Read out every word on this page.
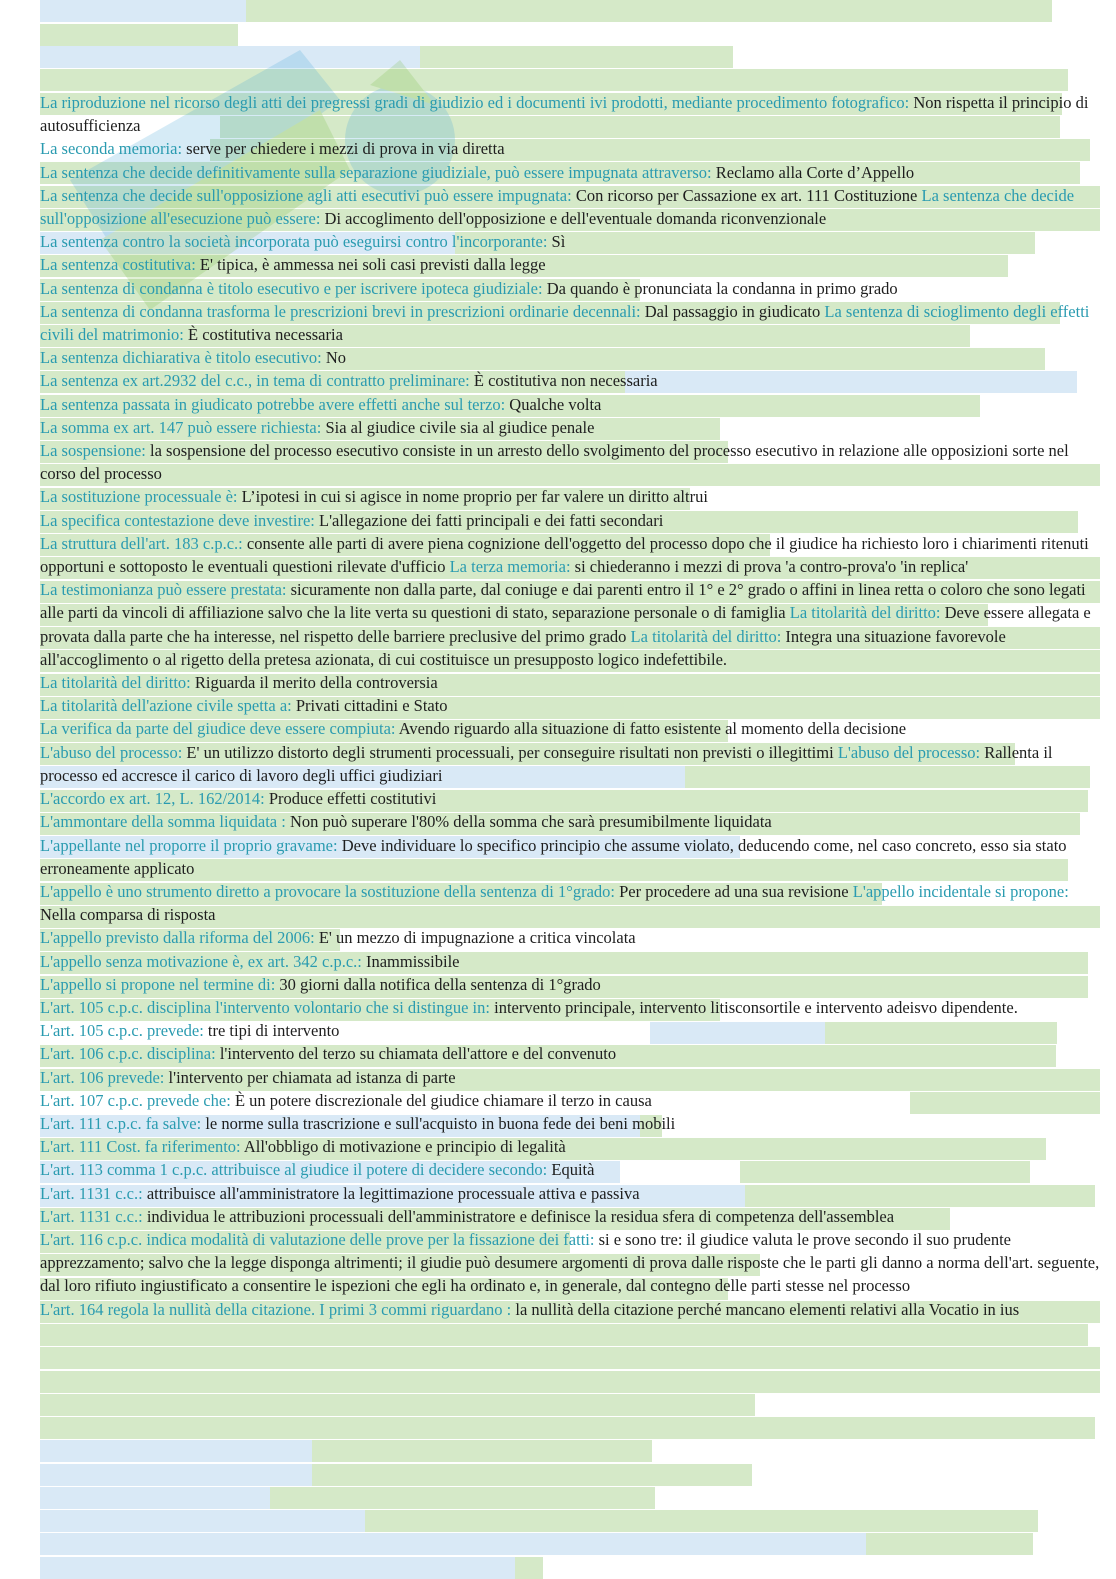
La riproduzione nel ricorso degli atti dei pregressi gradi di giudizio ed i documenti ivi prodotti, mediante procedimento fotografico: Non rispetta il principio di autosufficienza

La seconda memoria: serve per chiedere i mezzi di prova in via diretta

La sentenza che decide definitivamente sulla separazione giudiziale, può essere impugnata attraverso: Reclamo alla Corte d’Appello

La sentenza che decide sull'opposizione agli atti esecutivi può essere impugnata: Con ricorso per Cassazione ex art. 111 Costituzione La sentenza che decide sull'opposizione all'esecuzione può essere: Di accoglimento dell'opposizione e dell'eventuale domanda riconvenzionale

La sentenza contro la società incorporata può eseguirsi contro l'incorporante: Sì

La sentenza costitutiva: E' tipica, è ammessa nei soli casi previsti dalla legge

La sentenza di condanna è titolo esecutivo e per iscrivere ipoteca giudiziale: Da quando è pronunciata la condanna in primo grado

La sentenza di condanna trasforma le prescrizioni brevi in prescrizioni ordinarie decennali: Dal passaggio in giudicato La sentenza di scioglimento degli effetti civili del matrimonio: È costitutiva necessaria

La sentenza dichiarativa è titolo esecutivo: No

La sentenza ex art.2932 del c.c., in tema di contratto preliminare: È costitutiva non necessaria

La sentenza passata in giudicato potrebbe avere effetti anche sul terzo: Qualche volta

La somma ex art. 147 può essere richiesta: Sia al giudice civile sia al giudice penale

La sospensione: la sospensione del processo esecutivo consiste in un arresto dello svolgimento del processo esecutivo in relazione alle opposizioni sorte nel corso del processo

La sostituzione processuale è: L’ipotesi in cui si agisce in nome proprio per far valere un diritto altrui

La specifica contestazione deve investire: L'allegazione dei fatti principali e dei fatti secondari

La struttura dell'art. 183 c.p.c.: consente alle parti di avere piena cognizione dell'oggetto del processo dopo che il giudice ha richiesto loro i chiarimenti ritenuti opportuni e sottoposto le eventuali questioni rilevate d'ufficio La terza memoria: si chiederanno i mezzi di prova 'a contro-prova'o 'in replica'

La testimonianza può essere prestata: sicuramente non dalla parte, dal coniuge e dai parenti entro il 1° e 2° grado o affini in linea retta o coloro che sono legati alle parti da vincoli di affiliazione salvo che la lite verta su questioni di stato, separazione personale o di famiglia La titolarità del diritto: Deve essere allegata e provata dalla parte che ha interesse, nel rispetto delle barriere preclusive del primo grado La titolarità del diritto: Integra una situazione favorevole all'accoglimento o al rigetto della pretesa azionata, di cui costituisce un presupposto logico indefettibile.

La titolarità del diritto: Riguarda il merito della controversia

La titolarità dell'azione civile spetta a: Privati cittadini e Stato

La verifica da parte del giudice deve essere compiuta: Avendo riguardo alla situazione di fatto esistente al momento della decisione

L'abuso del processo: E' un utilizzo distorto degli strumenti processuali, per conseguire risultati non previsti o illegittimi L'abuso del processo: Rallenta il processo ed accresce il carico di lavoro degli uffici giudiziari

L'accordo ex art. 12, L. 162/2014: Produce effetti costitutivi

L'ammontare della somma liquidata : Non può superare l'80% della somma che sarà presumibilmente liquidata

L'appellante nel proporre il proprio gravame: Deve individuare lo specifico principio che assume violato, deducendo come, nel caso concreto, esso sia stato erroneamente applicato

L'appello è uno strumento diretto a provocare la sostituzione della sentenza di 1°grado: Per procedere ad una sua revisione L'appello incidentale si propone: Nella comparsa di risposta

L'appello previsto dalla riforma del 2006: E' un mezzo di impugnazione a critica vincolata

L'appello senza motivazione è, ex art. 342 c.p.c.: Inammissibile

L'appello si propone nel termine di: 30 giorni dalla notifica della sentenza di 1°grado

L'art. 105 c.p.c. disciplina l'intervento volontario che si distingue in: intervento principale, intervento litisconsortile e intervento adeisvo dipendente.

L'art. 105 c.p.c. prevede: tre tipi di intervento

L'art. 106 c.p.c. disciplina: l'intervento del terzo su chiamata dell'attore e del convenuto

L'art. 106 prevede: l'intervento per chiamata ad istanza di parte

L'art. 107 c.p.c. prevede che: È un potere discrezionale del giudice chiamare il terzo in causa

L'art. 111 c.p.c. fa salve: le norme sulla trascrizione e sull'acquisto in buona fede dei beni mobili

L'art. 111 Cost. fa riferimento: All'obbligo di motivazione e principio di legalità

L'art. 113 comma 1 c.p.c. attribuisce al giudice il potere di decidere secondo: Equità

L'art. 1131 c.c.: attribuisce all'amministratore la legittimazione processuale attiva e passiva

L'art. 1131 c.c.: individua le attribuzioni processuali dell'amministratore e definisce la residua sfera di competenza dell'assemblea

L'art. 116 c.p.c. indica modalità di valutazione delle prove per la fissazione dei fatti: si e sono tre: il giudice valuta le prove secondo il suo prudente apprezzamento; salvo che la legge disponga altrimenti; il giudie può desumere argomenti di prova dalle risposte che le parti gli danno a norma dell'art. seguente, dal loro rifiuto ingiustificato a consentire le ispezioni che egli ha ordinato e, in generale, dal contegno delle parti stesse nel processo

L'art. 164 regola la nullità della citazione. I primi 3 commi riguardano : la nullità della citazione perché mancano elementi relativi alla Vocatio in ius
